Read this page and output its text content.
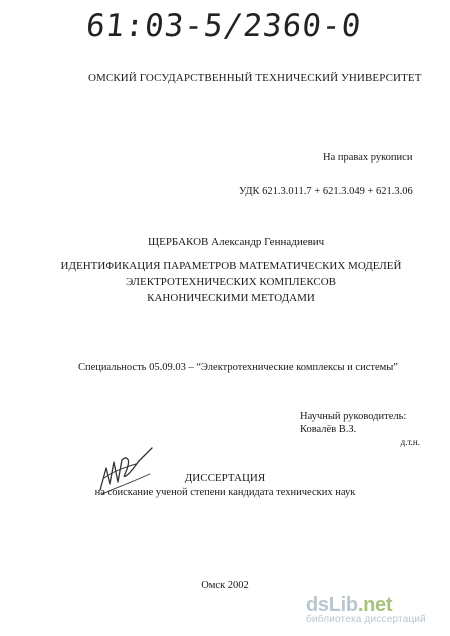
61:03-5/2360-0
ОМСКИЙ ГОСУДАРСТВЕННЫЙ ТЕХНИЧЕСКИЙ УНИВЕРСИТЕТ
На правах рукописи
УДК 621.3.011.7 + 621.3.049 + 621.3.06
ЩЕРБАКОВ Александр Геннадиевич
ИДЕНТИФИКАЦИЯ ПАРАМЕТРОВ МАТЕМАТИЧЕСКИХ МОДЕЛЕЙ
ЭЛЕКТРОТЕХНИЧЕСКИХ КОМПЛЕКСОВ
КАНОНИЧЕСКИМИ МЕТОДАМИ
Специальность 05.09.03 – “Электротехнические комплексы и системы”
Научный руководитель:
Ковалёв В.З.
д.т.н.
ДИССЕРТАЦИЯ
на соискание ученой степени кандидата технических наук
Омск 2002
dsLib.net
библиотека диссертаций
